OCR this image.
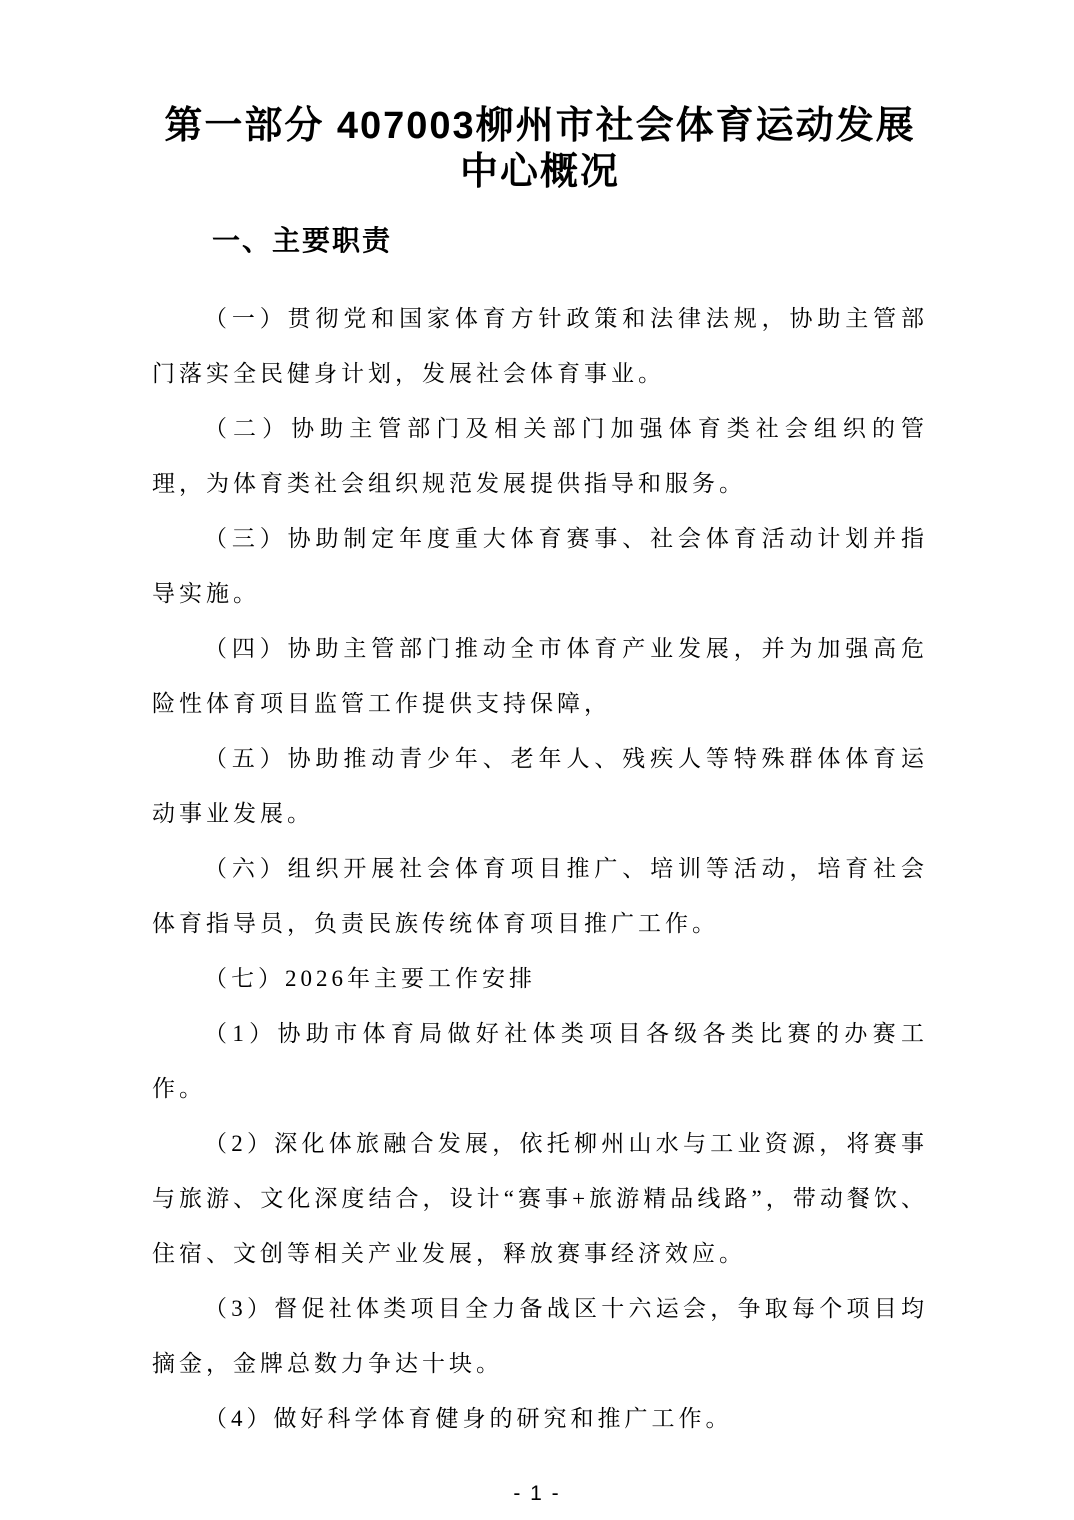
第一部分 407003柳州市社会体育运动发展
中心概况
一、主要职责

（一）贯彻党和国家体育方针政策和法律法规，协助主管部门落实全民健身计划，发展社会体育事业。

（二）协助主管部门及相关部门加强体育类社会组织的管理，为体育类社会组织规范发展提供指导和服务。

（三）协助制定年度重大体育赛事、社会体育活动计划并指导实施。

（四）协助主管部门推动全市体育产业发展，并为加强高危险性体育项目监管工作提供支持保障，

（五）协助推动青少年、老年人、残疾人等特殊群体体育运动事业发展。

（六）组织开展社会体育项目推广、培训等活动，培育社会体育指导员，负责民族传统体育项目推广工作。

（七）2026年主要工作安排

（1）协助市体育局做好社体类项目各级各类比赛的办赛工作。

（2）深化体旅融合发展，依托柳州山水与工业资源，将赛事与旅游、文化深度结合，设计“赛事+旅游精品线路”，带动餐饮、住宿、文创等相关产业发展，释放赛事经济效应。

（3）督促社体类项目全力备战区十六运会，争取每个项目均摘金，金牌总数力争达十块。

（4）做好科学体育健身的研究和推广工作。

- 1 -
